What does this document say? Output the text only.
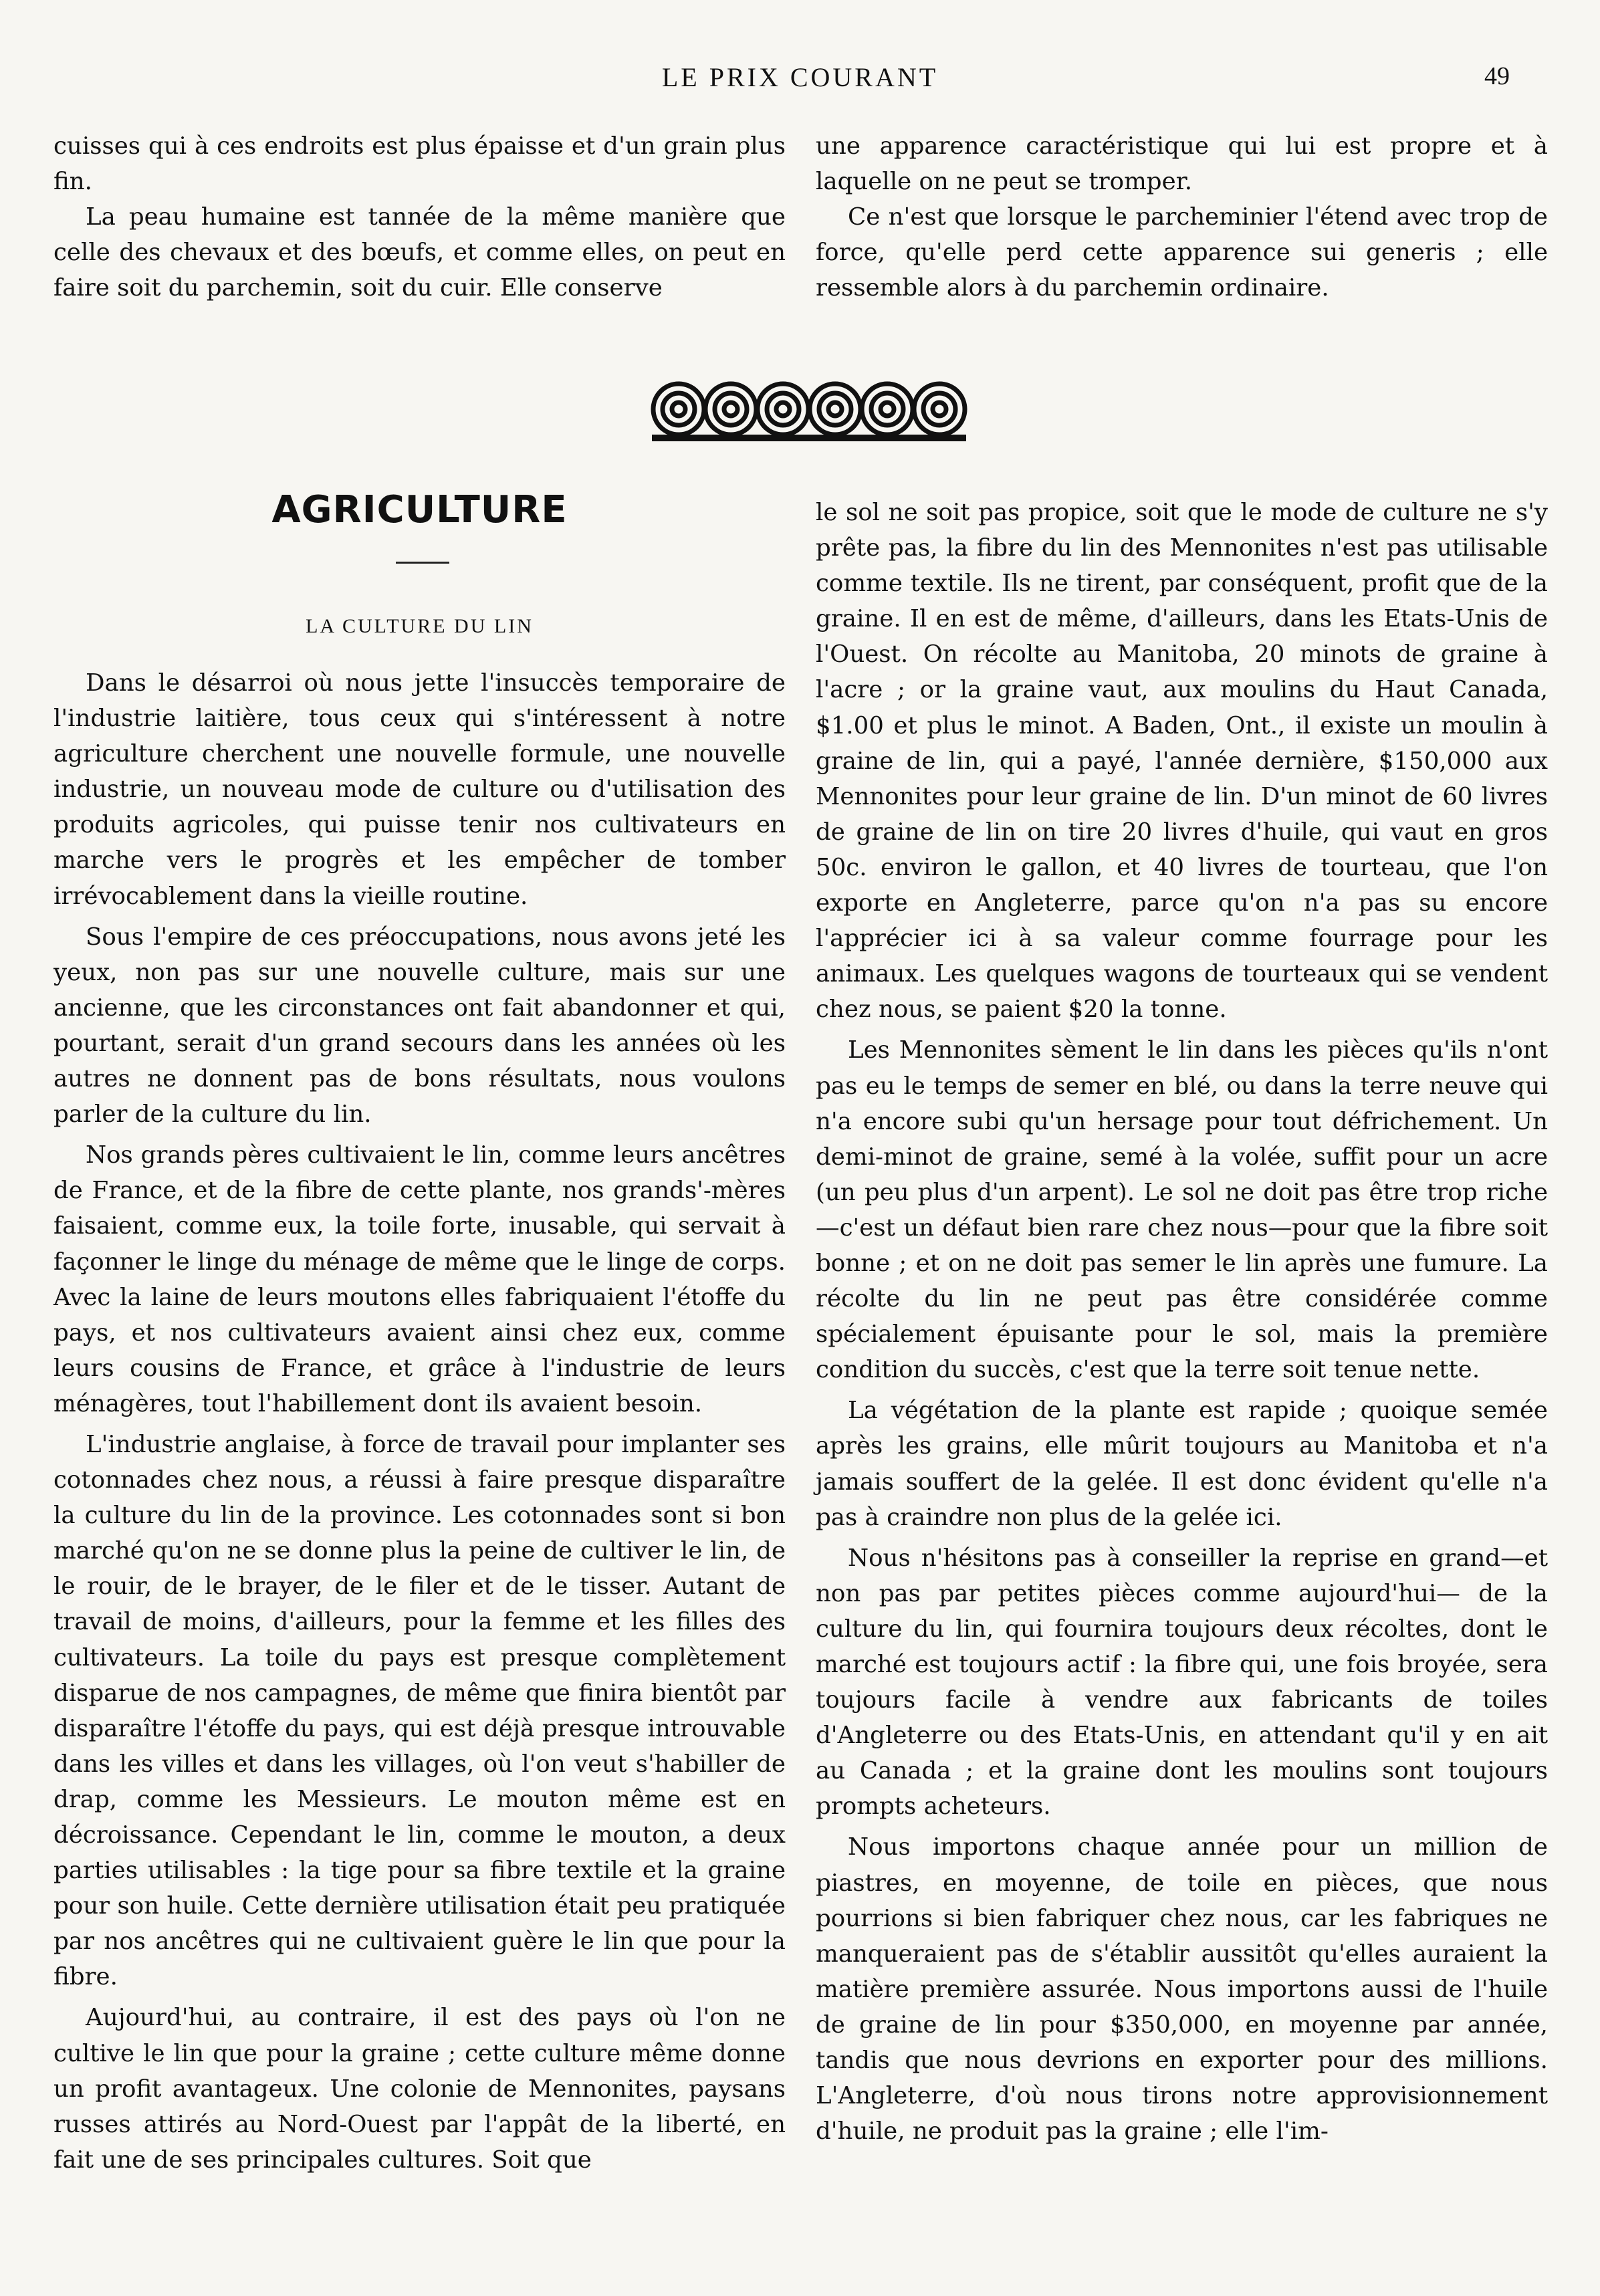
LE PRIX COURANT	49

cuisses qui à ces endroits est plus épaisse et d'un grain plus fin.

La peau humaine est tannée de la même manière que celle des chevaux et des bœufs, et comme elles, on peut en faire soit du parchemin, soit du cuir. Elle conserve

une apparence caractéristique qui lui est propre et à laquelle on ne peut se tromper.

Ce n'est que lorsque le parcheminier l'étend avec trop de force, qu'elle perd cette apparence sui generis ; elle ressemble alors à du parchemin ordinaire.

AGRICULTURE
LA CULTURE DU LIN

Dans le désarroi où nous jette l'insuccès temporaire de l'industrie laitière, tous ceux qui s'intéressent à notre agriculture cherchent une nouvelle formule, une nouvelle industrie, un nouveau mode de culture ou d'utilisation des produits agricoles, qui puisse tenir nos cultivateurs en marche vers le progrès et les empêcher de tomber irrévocablement dans la vieille routine.

Sous l'empire de ces préoccupations, nous avons jeté les yeux, non pas sur une nouvelle culture, mais sur une ancienne, que les circonstances ont fait abandonner et qui, pourtant, serait d'un grand secours dans les années où les autres ne donnent pas de bons résultats, nous voulons parler de la culture du lin.

Nos grands pères cultivaient le lin, comme leurs ancêtres de France, et de la fibre de cette plante, nos grands'-mères faisaient, comme eux, la toile forte, inusable, qui servait à façonner le linge du ménage de même que le linge de corps. Avec la laine de leurs moutons elles fabriquaient l'étoffe du pays, et nos cultivateurs avaient ainsi chez eux, comme leurs cousins de France, et grâce à l'industrie de leurs ménagères, tout l'habillement dont ils avaient besoin.

L'industrie anglaise, à force de travail pour implanter ses cotonnades chez nous, a réussi à faire presque disparaître la culture du lin de la province. Les cotonnades sont si bon marché qu'on ne se donne plus la peine de cultiver le lin, de le rouir, de le brayer, de le filer et de le tisser. Autant de travail de moins, d'ailleurs, pour la femme et les filles des cultivateurs. La toile du pays est presque complètement disparue de nos campagnes, de même que finira bientôt par disparaître l'étoffe du pays, qui est déjà presque introuvable dans les villes et dans les villages, où l'on veut s'habiller de drap, comme les Messieurs. Le mouton même est en décroissance. Cependant le lin, comme le mouton, a deux parties utilisables : la tige pour sa fibre textile et la graine pour son huile. Cette dernière utilisation était peu pratiquée par nos ancêtres qui ne cultivaient guère le lin que pour la fibre.

Aujourd'hui, au contraire, il est des pays où l'on ne cultive le lin que pour la graine ; cette culture même donne un profit avantageux. Une colonie de Mennonites, paysans russes attirés au Nord-Ouest par l'appât de la liberté, en fait une de ses principales cultures. Soit que

le sol ne soit pas propice, soit que le mode de culture ne s'y prête pas, la fibre du lin des Mennonites n'est pas utilisable comme textile. Ils ne tirent, par conséquent, profit que de la graine. Il en est de même, d'ailleurs, dans les Etats-Unis de l'Ouest. On récolte au Manitoba, 20 minots de graine à l'acre ; or la graine vaut, aux moulins du Haut Canada, $1.00 et plus le minot. A Baden, Ont., il existe un moulin à graine de lin, qui a payé, l'année dernière, $150,000 aux Mennonites pour leur graine de lin. D'un minot de 60 livres de graine de lin on tire 20 livres d'huile, qui vaut en gros 50c. environ le gallon, et 40 livres de tourteau, que l'on exporte en Angleterre, parce qu'on n'a pas su encore l'apprécier ici à sa valeur comme fourrage pour les animaux. Les quelques wagons de tourteaux qui se vendent chez nous, se paient $20 la tonne.

Les Mennonites sèment le lin dans les pièces qu'ils n'ont pas eu le temps de semer en blé, ou dans la terre neuve qui n'a encore subi qu'un hersage pour tout défrichement. Un demi-minot de graine, semé à la volée, suffit pour un acre (un peu plus d'un arpent). Le sol ne doit pas être trop riche —c'est un défaut bien rare chez nous—pour que la fibre soit bonne ; et on ne doit pas semer le lin après une fumure. La récolte du lin ne peut pas être considérée comme spécialement épuisante pour le sol, mais la première condition du succès, c'est que la terre soit tenue nette.

La végétation de la plante est rapide ; quoique semée après les grains, elle mûrit toujours au Manitoba et n'a jamais souffert de la gelée. Il est donc évident qu'elle n'a pas à craindre non plus de la gelée ici.

Nous n'hésitons pas à conseiller la reprise en grand—et non pas par petites pièces comme aujourd'hui— de la culture du lin, qui fournira toujours deux récoltes, dont le marché est toujours actif : la fibre qui, une fois broyée, sera toujours facile à vendre aux fabricants de toiles d'Angleterre ou des Etats-Unis, en attendant qu'il y en ait au Canada ; et la graine dont les moulins sont toujours prompts acheteurs.

Nous importons chaque année pour un million de piastres, en moyenne, de toile en pièces, que nous pourrions si bien fabriquer chez nous, car les fabriques ne manqueraient pas de s'établir aussitôt qu'elles auraient la matière première assurée. Nous importons aussi de l'huile de graine de lin pour $350,000, en moyenne par année, tandis que nous devrions en exporter pour des millions. L'Angleterre, d'où nous tirons notre approvisionnement d'huile, ne produit pas la graine ; elle l'im-
